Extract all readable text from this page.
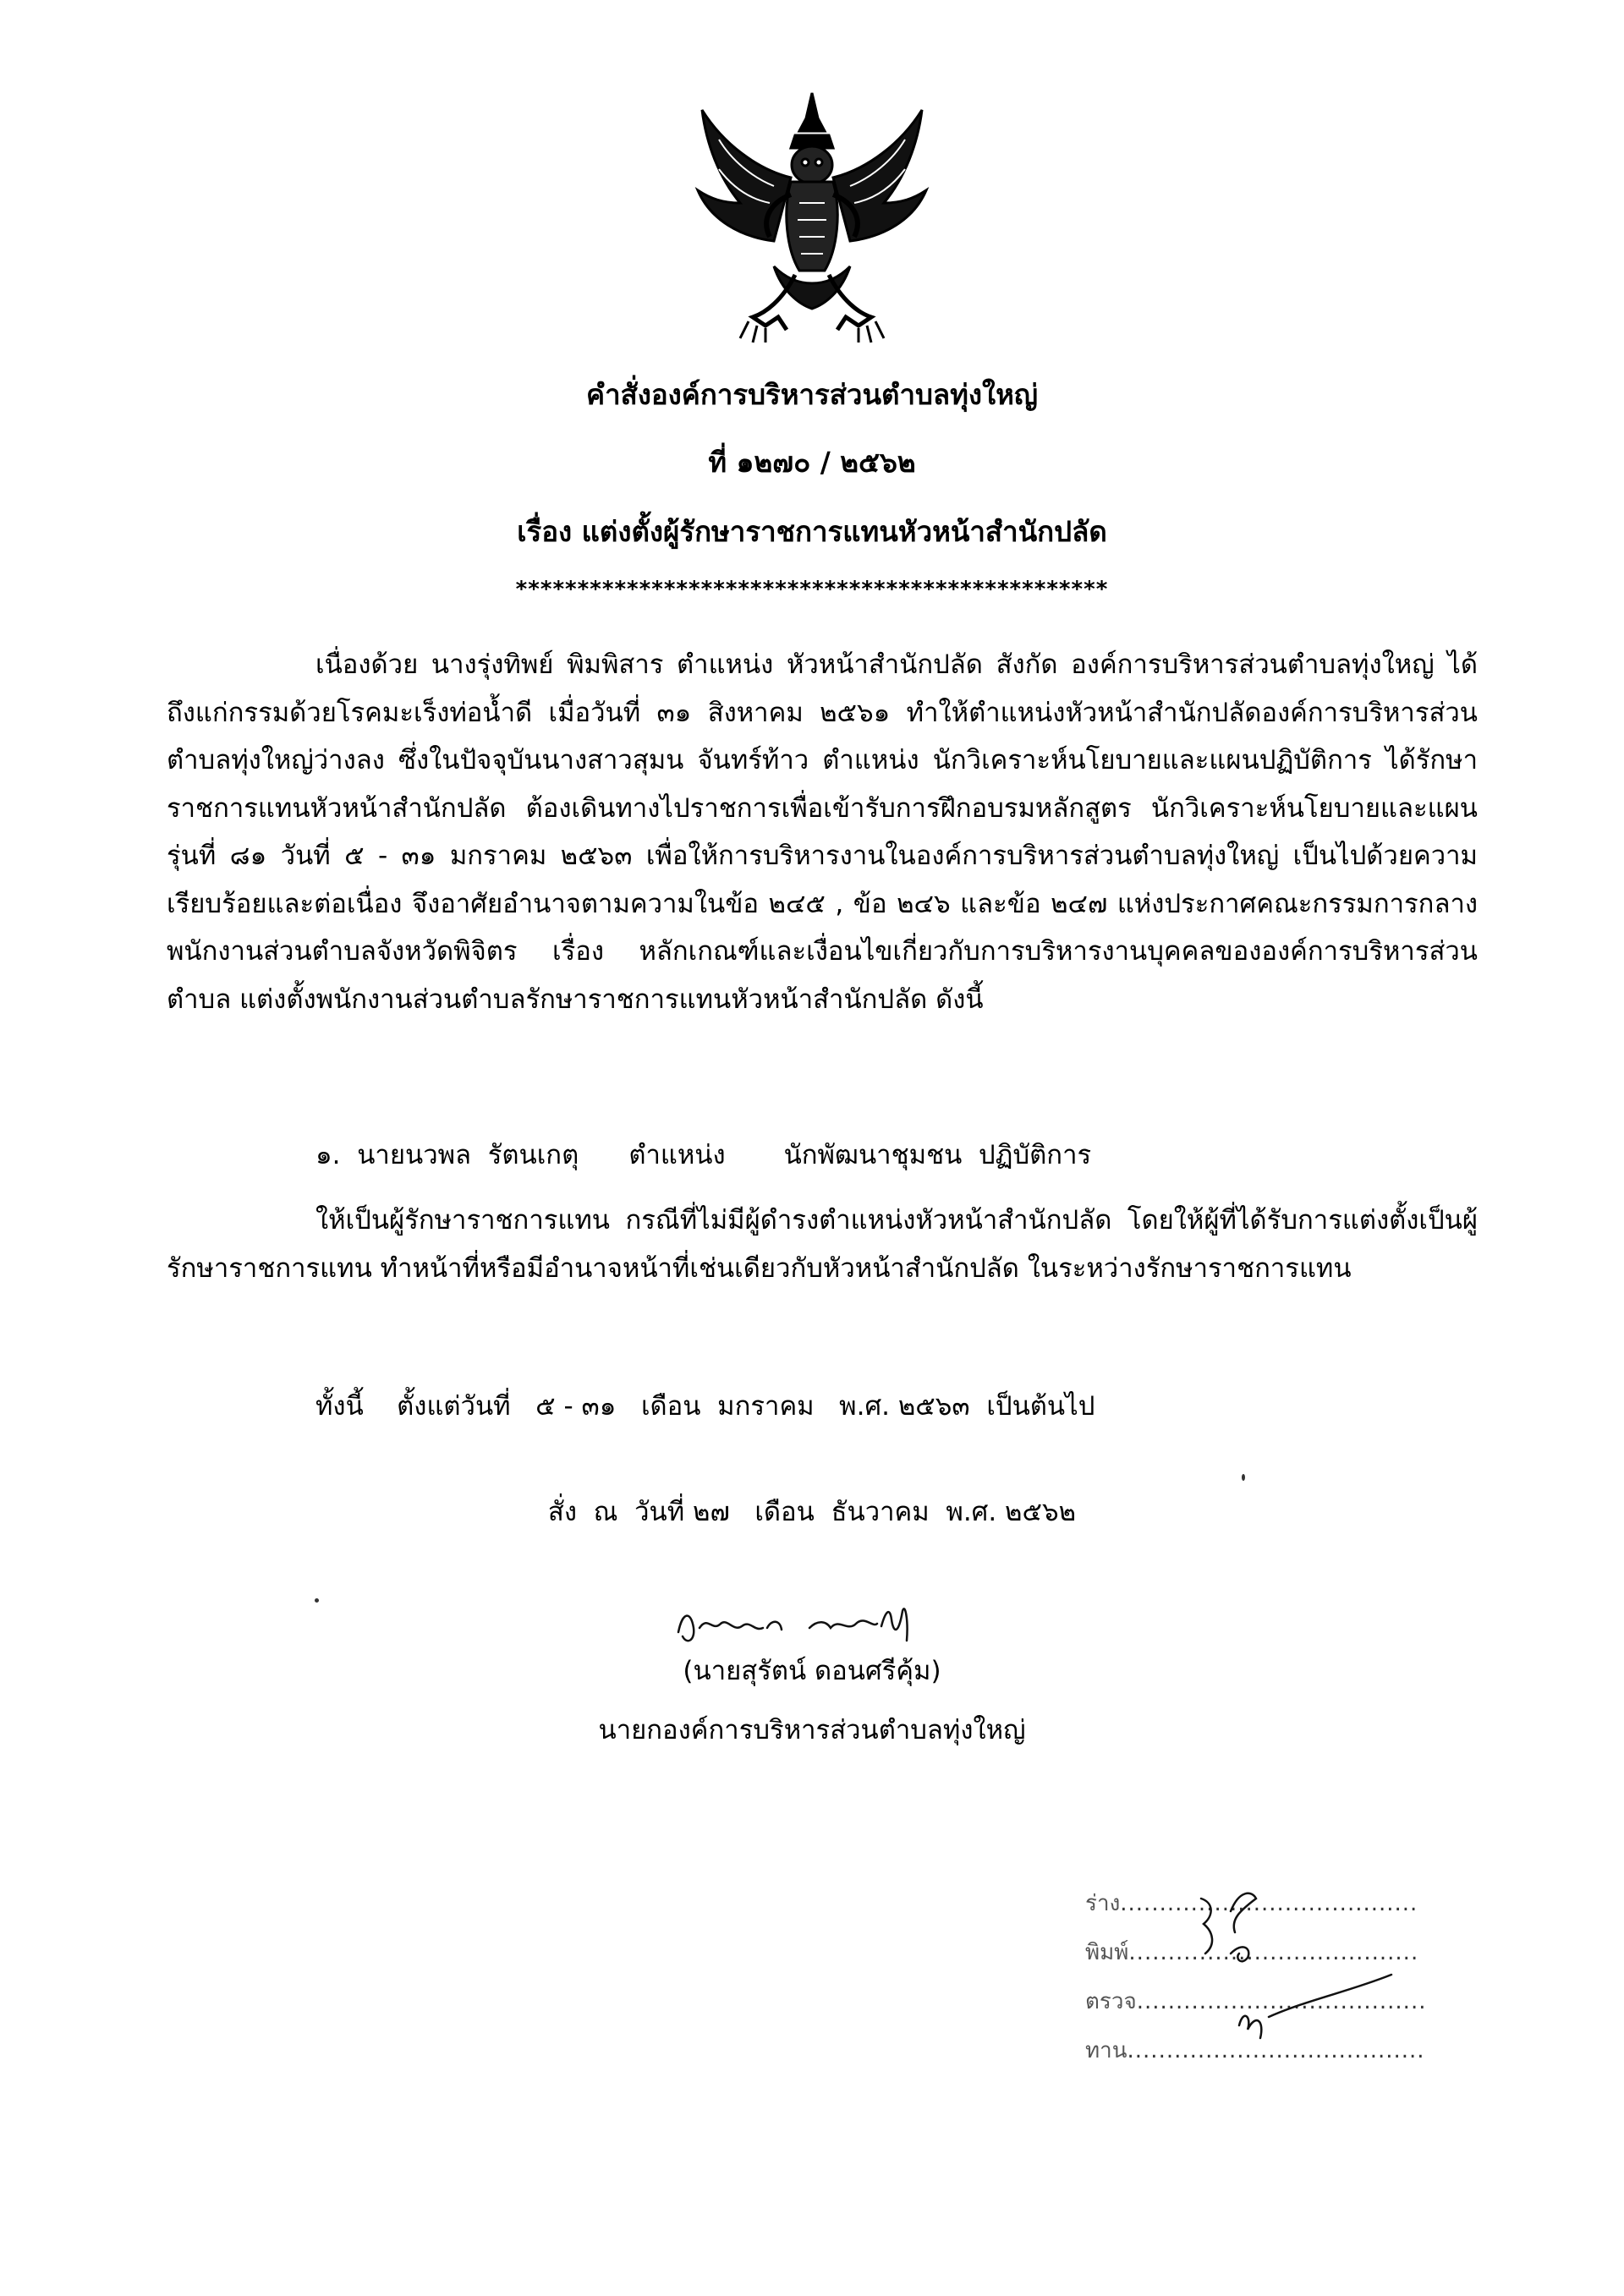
คำสั่งองค์การบริหารส่วนตำบลทุ่งใหญ่
ที่ ๑๒๗๐ / ๒๕๖๒
เรื่อง แต่งตั้งผู้รักษาราชการแทนหัวหน้าสำนักปลัด
************************************************

เนื่องด้วย นางรุ่งทิพย์ พิมพิสาร ตำแหน่ง หัวหน้าสำนักปลัด สังกัด องค์การบริหารส่วนตำบลทุ่งใหญ่ ได้ถึงแก่กรรมด้วยโรคมะเร็งท่อน้ำดี เมื่อวันที่ ๓๑ สิงหาคม ๒๕๖๑ ทำให้ตำแหน่งหัวหน้าสำนักปลัดองค์การบริหารส่วนตำบลทุ่งใหญ่ว่างลง ซึ่งในปัจจุบันนางสาวสุมน จันทร์ท้าว ตำแหน่ง นักวิเคราะห์นโยบายและแผนปฏิบัติการ ได้รักษาราชการแทนหัวหน้าสำนักปลัด ต้องเดินทางไปราชการเพื่อเข้ารับการฝึกอบรมหลักสูตร นักวิเคราะห์นโยบายและแผน รุ่นที่ ๘๑ วันที่ ๕ - ๓๑ มกราคม ๒๕๖๓ เพื่อให้การบริหารงานในองค์การบริหารส่วนตำบลทุ่งใหญ่ เป็นไปด้วยความเรียบร้อยและต่อเนื่อง จึงอาศัยอำนาจตามความในข้อ ๒๔๕ , ข้อ ๒๔๖ และข้อ ๒๔๗ แห่งประกาศคณะกรรมการกลางพนักงานส่วนตำบลจังหวัดพิจิตร เรื่อง หลักเกณฑ์และเงื่อนไขเกี่ยวกับการบริหารงานบุคคลขององค์การบริหารส่วนตำบล แต่งตั้งพนักงานส่วนตำบลรักษาราชการแทนหัวหน้าสำนักปลัด ดังนี้

๑.  นายนวพล  รัตนเกตุ      ตำแหน่ง       นักพัฒนาชุมชน  ปฏิบัติการ

ให้เป็นผู้รักษาราชการแทน กรณีที่ไม่มีผู้ดำรงตำแหน่งหัวหน้าสำนักปลัด โดยให้ผู้ที่ได้รับการแต่งตั้งเป็นผู้รักษาราชการแทน ทำหน้าที่หรือมีอำนาจหน้าที่เช่นเดียวกับหัวหน้าสำนักปลัด ในระหว่างรักษาราชการแทน

ทั้งนี้    ตั้งแต่วันที่   ๕ - ๓๑   เดือน  มกราคม   พ.ศ. ๒๕๖๓  เป็นต้นไป
สั่ง  ณ  วันที่ ๒๗   เดือน  ธันวาคม  พ.ศ. ๒๕๖๒
(นายสุรัตน์ ดอนศรีคุ้ม)
นายกองค์การบริหารส่วนตำบลทุ่งใหญ่
ร่าง......................................
พิมพ์.....................................
ตรวจ.....................................
ทาน......................................
